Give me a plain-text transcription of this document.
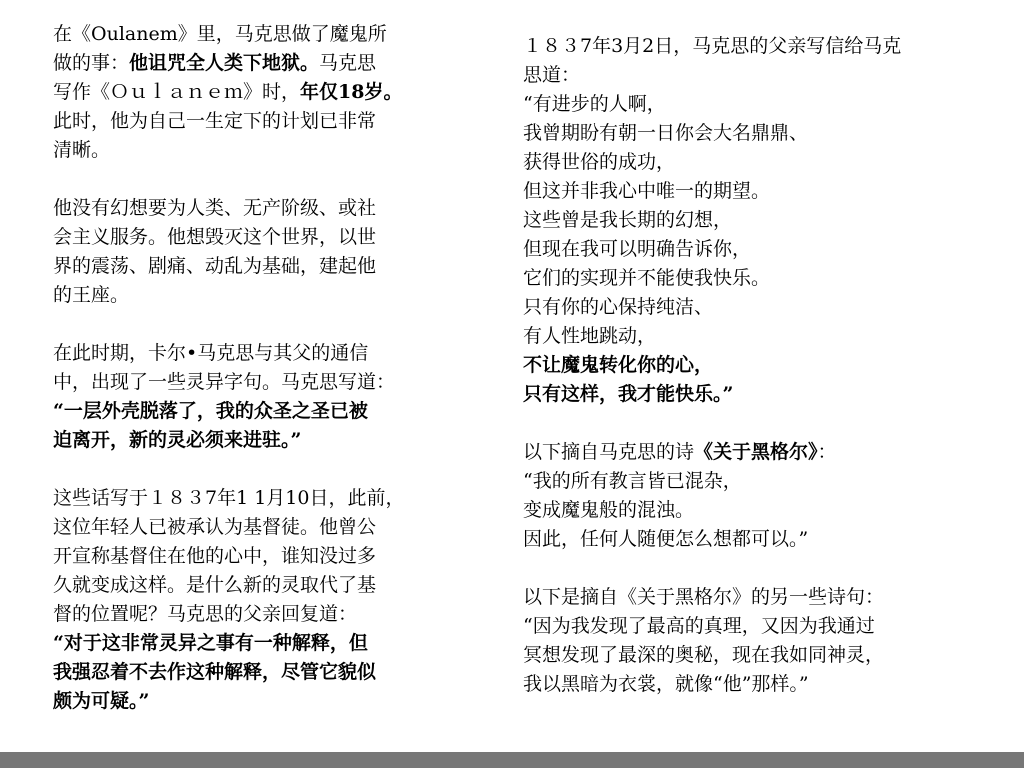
在《Oulanem》里，马克思做了魔鬼所
做的事：他诅咒全人类下地狱。马克思
写作《Ｏｕｌａｎｅｍ》时，年仅18岁。
此时，他为自己一生定下的计划已非常
清晰。
他没有幻想要为人类、无产阶级、或社
会主义服务。他想毁灭这个世界，以世
界的震荡、剧痛、动乱为基础，建起他
的王座。
在此时期，卡尔•马克思与其父的通信
中，出现了一些灵异字句。马克思写道：
“一层外壳脱落了，我的众圣之圣已被
迫离开，新的灵必须来进驻。”
这些话写于１８３7年1 1月10日，此前，
这位年轻人已被承认为基督徒。他曾公
开宣称基督住在他的心中，谁知没过多
久就变成这样。是什么新的灵取代了基
督的位置呢？马克思的父亲回复道：
“对于这非常灵异之事有一种解释，但
我强忍着不去作这种解释，尽管它貌似
颇为可疑。”
１８３7年3月2日，马克思的父亲写信给马克
思道：
“有进步的人啊，
我曾期盼有朝一日你会大名鼎鼎、
获得世俗的成功，
但这并非我心中唯一的期望。
这些曾是我长期的幻想，
但现在我可以明确告诉你，
它们的实现并不能使我快乐。
只有你的心保持纯洁、
有人性地跳动，
不让魔鬼转化你的心，
只有这样，我才能快乐。”
以下摘自马克思的诗《关于黑格尔》：
“我的所有教言皆已混杂，
变成魔鬼般的混浊。
因此，任何人随便怎么想都可以。”
以下是摘自《关于黑格尔》的另一些诗句：
“因为我发现了最高的真理，又因为我通过
冥想发现了最深的奥秘，现在我如同神灵，
我以黑暗为衣裳，就像“他”那样。”
